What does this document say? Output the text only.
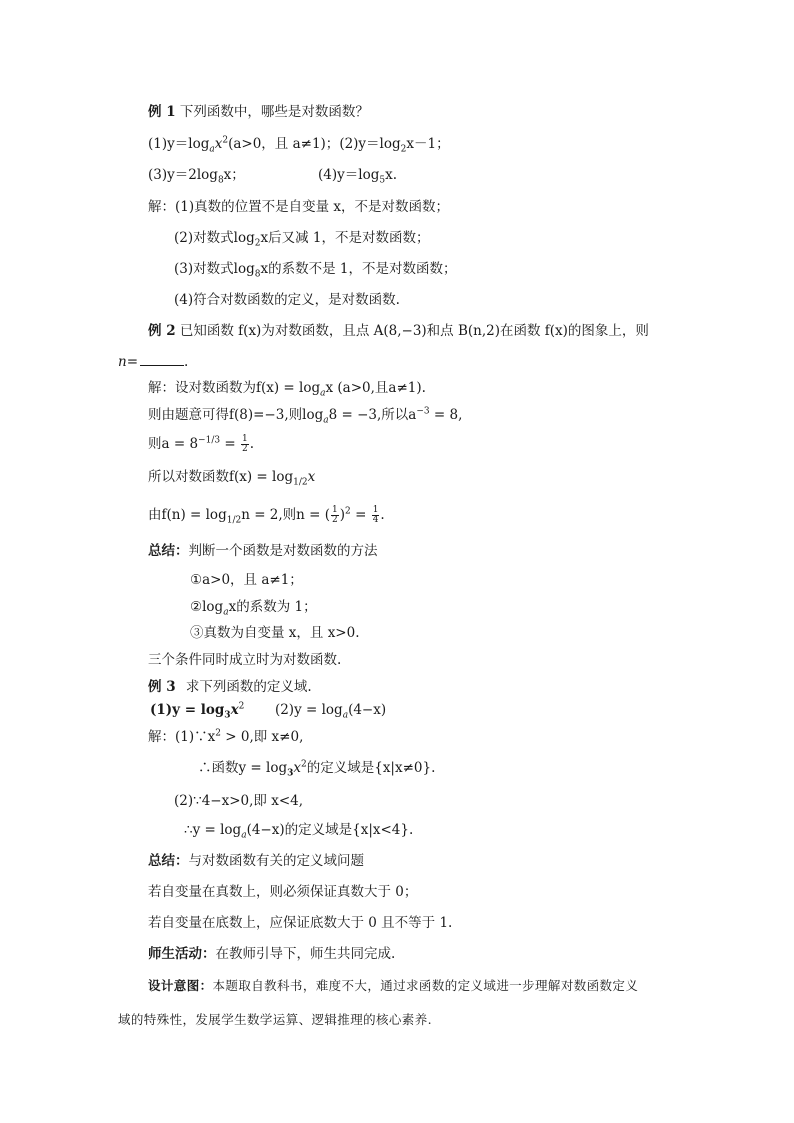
例 1 下列函数中，哪些是对数函数？
$(1)y=\log_ax^2(a>0$，且 a≠1)；$(2)y=\log_2x-1$；
$(3)y=2\log_8x$；	$(4)y=\log_5x$.
解：(1)真数的位置不是自变量 x，不是对数函数；
(2)对数式$\log_2x$后又减 1，不是对数函数；
(3)对数式$\log_8x$的系数不是 1，不是对数函数；
(4)符合对数函数的定义，是对数函数.
例 2 已知函数 f(x)为对数函数，且点 A(8,−3)和点 B(n,2)在函数 f(x)的图象上，则
n=	.
解：设对数函数为$f(x) = \log_ax$ (a>0,且a≠1).
则由题意可得f(8)=−3,则$\log_a8 = -3$,所以$a^{-3} = 8$,
则$a = 8^{-1/3} = \frac{1}{2}$ .
所以对数函数$f(x) = \log_{1/2}x$
由$f(n) = \log_{1/2}n = 2$,则n = ( $\frac{1}{2} )^2 = \frac{1}{4}$ .
总结：判断一个函数是对数函数的方法
①a>0，且 a≠1；
$②\log_ax$的系数为 1；
③真数为自变量 x，且 x>0.
三个条件同时成立时为对数函数.
例 3 求下列函数的定义域.
$(1)y = \log_3x^2$ $(2)y = \log_a(4-x)$
解：$(1)\because x^2 > 0$,即 x≠0,
∴函数$y = \log_3x^2$的定义域是{x|x≠0}.
(2)∵4−x>0,即 x<4,
∴y = $\log_a(4-x)$的定义域是{x|x<4}.
总结：与对数函数有关的定义域问题
若自变量在真数上，则必须保证真数大于 0；
若自变量在底数上，应保证底数大于 0 且不等于 1.
师生活动：在教师引导下，师生共同完成.
设计意图：本题取自教科书，难度不大，通过求函数的定义域进一步理解对数函数定义
域的特殊性，发展学生数学运算、逻辑推理的核心素养.
